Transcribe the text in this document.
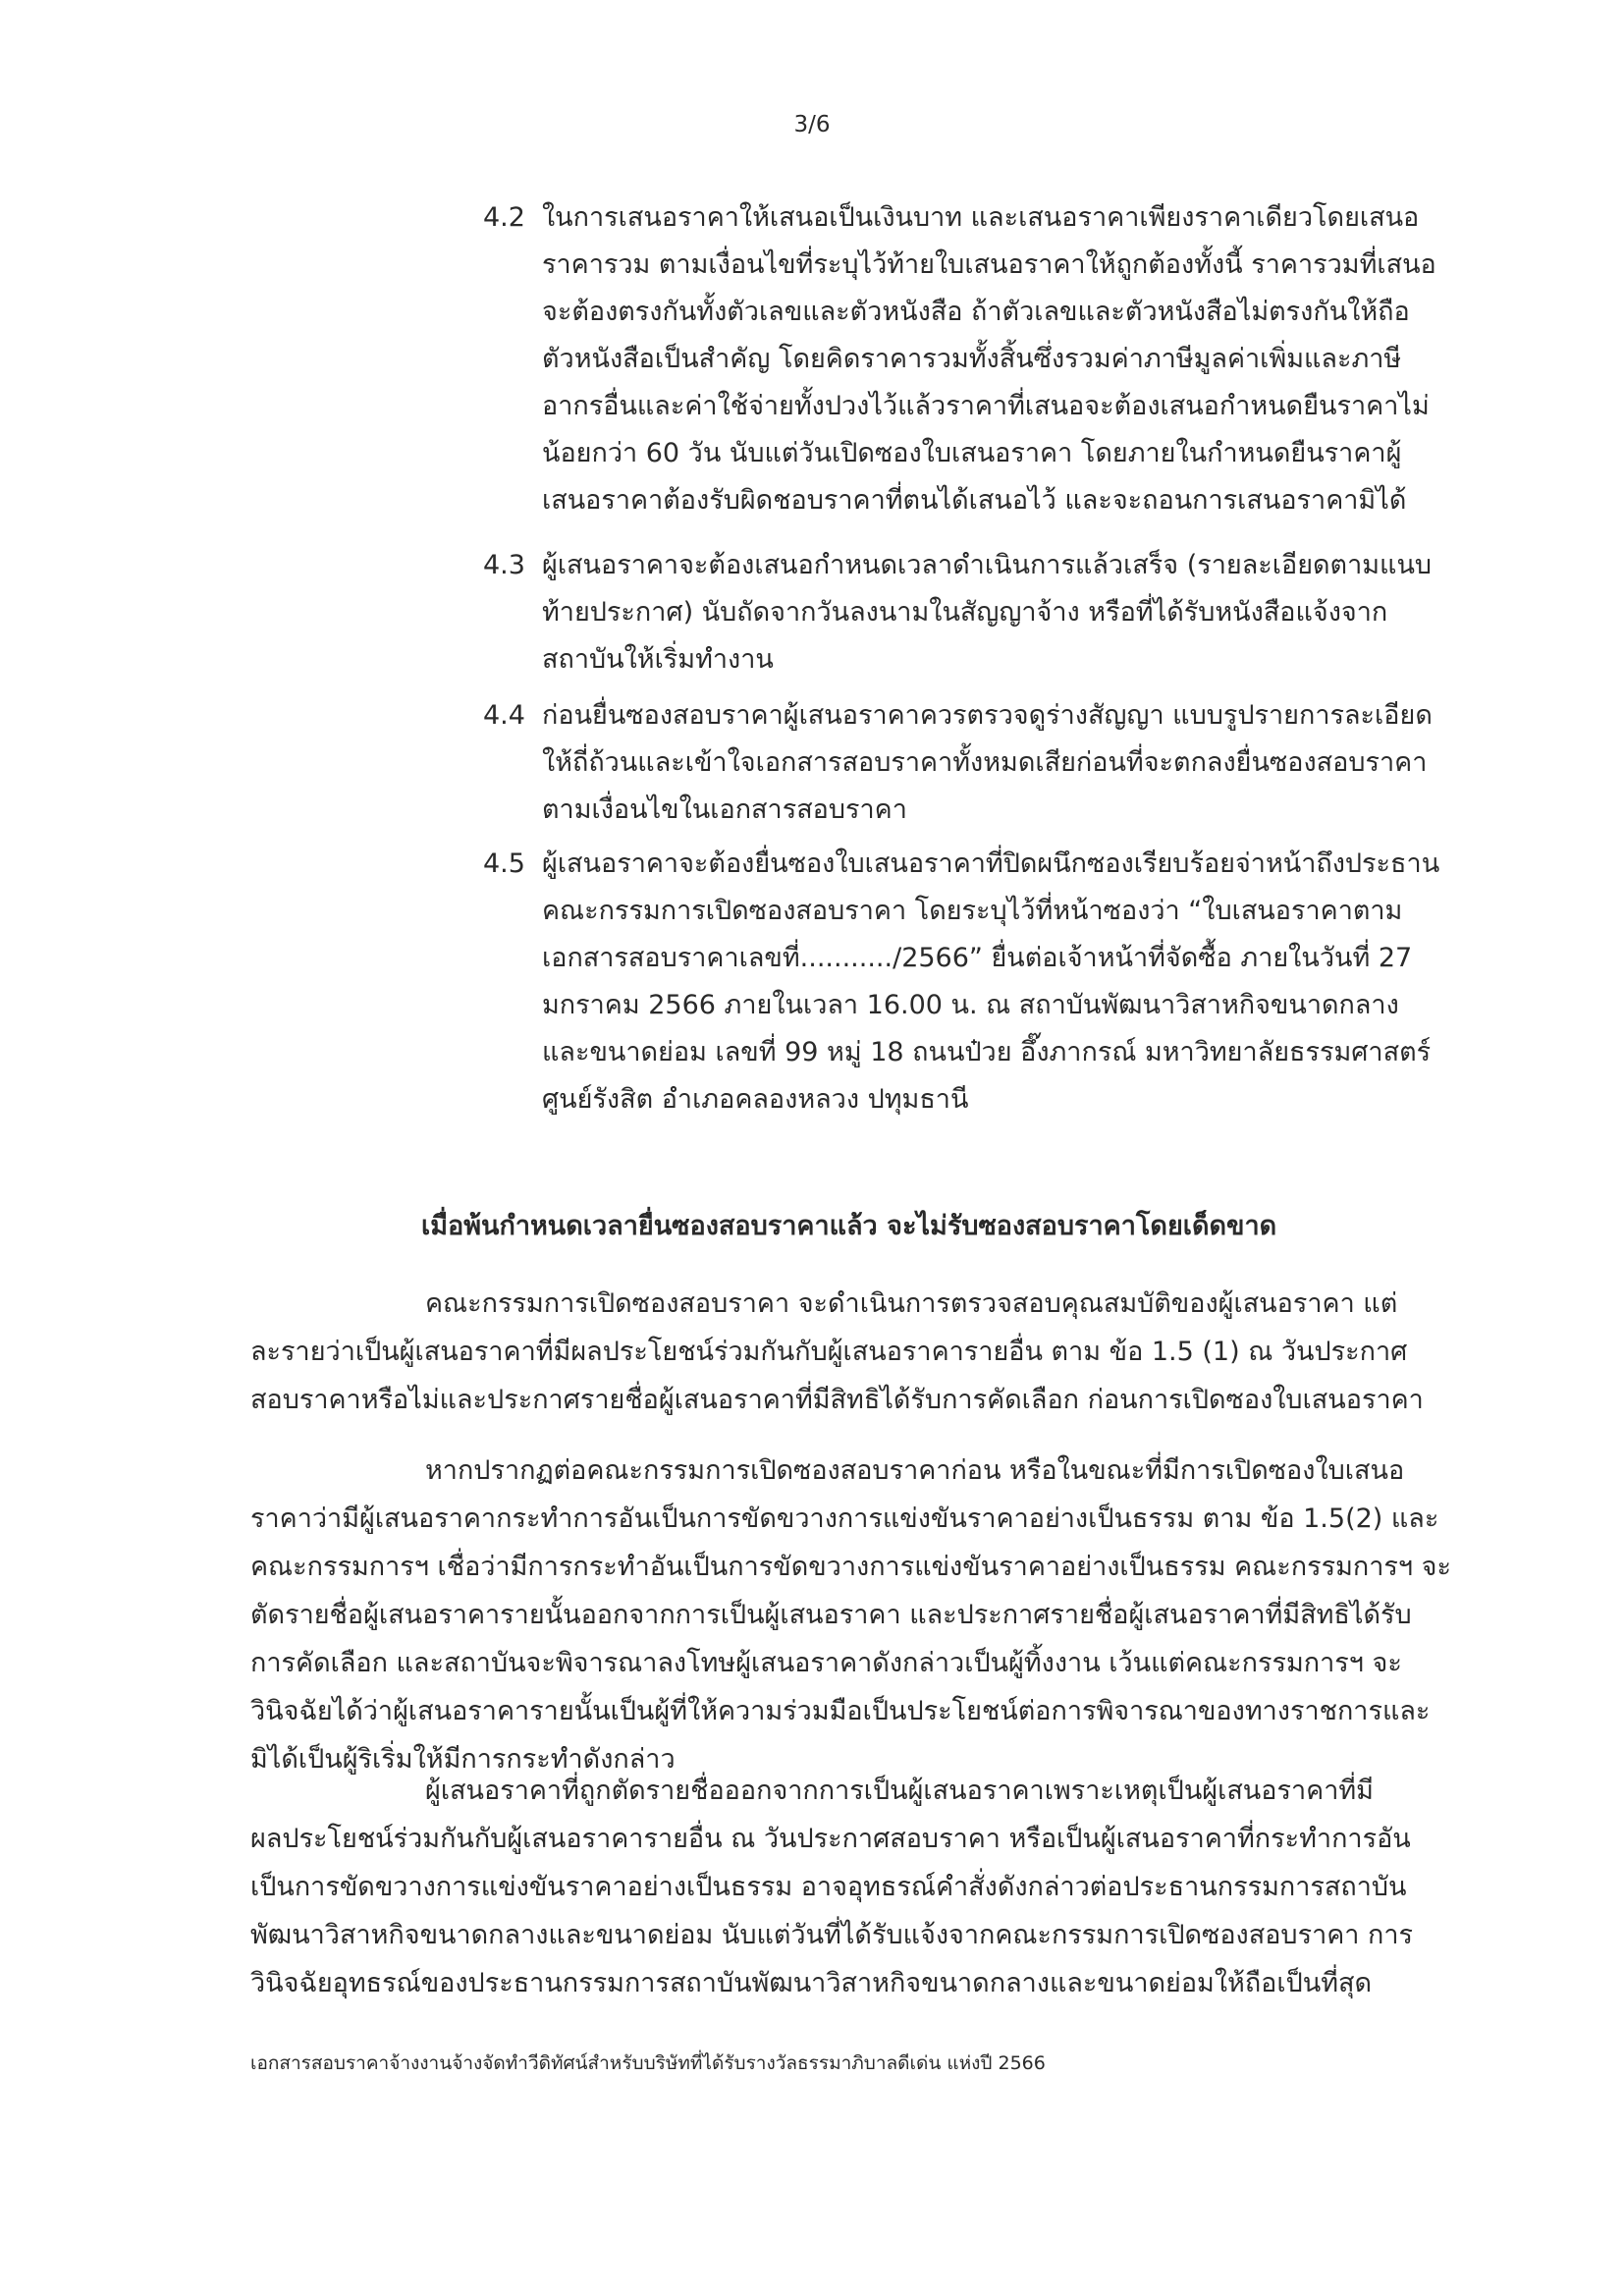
3/6
4.2 ในการเสนอราคาให้เสนอเป็นเงินบาท และเสนอราคาเพียงราคาเดียวโดยเสนอ
ราคารวม ตามเงื่อนไขที่ระบุไว้ท้ายใบเสนอราคาให้ถูกต้องทั้งนี้ ราคารวมที่เสนอ
จะต้องตรงกันทั้งตัวเลขและตัวหนังสือ ถ้าตัวเลขและตัวหนังสือไม่ตรงกันให้ถือ
ตัวหนังสือเป็นสำคัญ โดยคิดราคารวมทั้งสิ้นซึ่งรวมค่าภาษีมูลค่าเพิ่มและภาษี
อากรอื่นและค่าใช้จ่ายทั้งปวงไว้แล้วราคาที่เสนอจะต้องเสนอกำหนดยืนราคาไม่
น้อยกว่า 60 วัน นับแต่วันเปิดซองใบเสนอราคา โดยภายในกำหนดยืนราคาผู้
เสนอราคาต้องรับผิดชอบราคาที่ตนได้เสนอไว้ และจะถอนการเสนอราคามิได้
4.3 ผู้เสนอราคาจะต้องเสนอกำหนดเวลาดำเนินการแล้วเสร็จ (รายละเอียดตามแนบ
ท้ายประกาศ) นับถัดจากวันลงนามในสัญญาจ้าง หรือที่ได้รับหนังสือแจ้งจาก
สถาบันให้เริ่มทำงาน
4.4 ก่อนยื่นซองสอบราคาผู้เสนอราคาควรตรวจดูร่างสัญญา แบบรูปรายการละเอียด
ให้ถี่ถ้วนและเข้าใจเอกสารสอบราคาทั้งหมดเสียก่อนที่จะตกลงยื่นซองสอบราคา
ตามเงื่อนไขในเอกสารสอบราคา
4.5 ผู้เสนอราคาจะต้องยื่นซองใบเสนอราคาที่ปิดผนึกซองเรียบร้อยจ่าหน้าถึงประธาน
คณะกรรมการเปิดซองสอบราคา โดยระบุไว้ที่หน้าซองว่า “ใบเสนอราคาตาม
เอกสารสอบราคาเลขที่.........../2566” ยื่นต่อเจ้าหน้าที่จัดซื้อ ภายในวันที่ 27
มกราคม 2566 ภายในเวลา 16.00 น. ณ สถาบันพัฒนาวิสาหกิจขนาดกลาง
และขนาดย่อม เลขที่ 99 หมู่ 18 ถนนป๋วย อึ๊งภากรณ์ มหาวิทยาลัยธรรมศาสตร์
ศูนย์รังสิต อำเภอคลองหลวง ปทุมธานี
เมื่อพ้นกำหนดเวลายื่นซองสอบราคาแล้ว จะไม่รับซองสอบราคาโดยเด็ดขาด
คณะกรรมการเปิดซองสอบราคา จะดำเนินการตรวจสอบคุณสมบัติของผู้เสนอราคา แต่
ละรายว่าเป็นผู้เสนอราคาที่มีผลประโยชน์ร่วมกันกับผู้เสนอราคารายอื่น ตาม ข้อ 1.5 (1) ณ วันประกาศ
สอบราคาหรือไม่และประกาศรายชื่อผู้เสนอราคาที่มีสิทธิได้รับการคัดเลือก ก่อนการเปิดซองใบเสนอราคา
หากปรากฏต่อคณะกรรมการเปิดซองสอบราคาก่อน หรือในขณะที่มีการเปิดซองใบเสนอ
ราคาว่ามีผู้เสนอราคากระทำการอันเป็นการขัดขวางการแข่งขันราคาอย่างเป็นธรรม ตาม ข้อ 1.5(2) และ
คณะกรรมการฯ เชื่อว่ามีการกระทำอันเป็นการขัดขวางการแข่งขันราคาอย่างเป็นธรรม คณะกรรมการฯ จะ
ตัดรายชื่อผู้เสนอราคารายนั้นออกจากการเป็นผู้เสนอราคา และประกาศรายชื่อผู้เสนอราคาที่มีสิทธิได้รับ
การคัดเลือก และสถาบันจะพิจารณาลงโทษผู้เสนอราคาดังกล่าวเป็นผู้ทิ้งงาน เว้นแต่คณะกรรมการฯ จะ
วินิจฉัยได้ว่าผู้เสนอราคารายนั้นเป็นผู้ที่ให้ความร่วมมือเป็นประโยชน์ต่อการพิจารณาของทางราชการและ
มิได้เป็นผู้ริเริ่มให้มีการกระทำดังกล่าว
ผู้เสนอราคาที่ถูกตัดรายชื่อออกจากการเป็นผู้เสนอราคาเพราะเหตุเป็นผู้เสนอราคาที่มี
ผลประโยชน์ร่วมกันกับผู้เสนอราคารายอื่น ณ วันประกาศสอบราคา หรือเป็นผู้เสนอราคาที่กระทำการอัน
เป็นการขัดขวางการแข่งขันราคาอย่างเป็นธรรม อาจอุทธรณ์คำสั่งดังกล่าวต่อประธานกรรมการสถาบัน
พัฒนาวิสาหกิจขนาดกลางและขนาดย่อม นับแต่วันที่ได้รับแจ้งจากคณะกรรมการเปิดซองสอบราคา การ
วินิจฉัยอุทธรณ์ของประธานกรรมการสถาบันพัฒนาวิสาหกิจขนาดกลางและขนาดย่อมให้ถือเป็นที่สุด
เอกสารสอบราคาจ้างงานจ้างจัดทำวีดิทัศน์สำหรับบริษัทที่ได้รับรางวัลธรรมาภิบาลดีเด่น แห่งปี 2566
